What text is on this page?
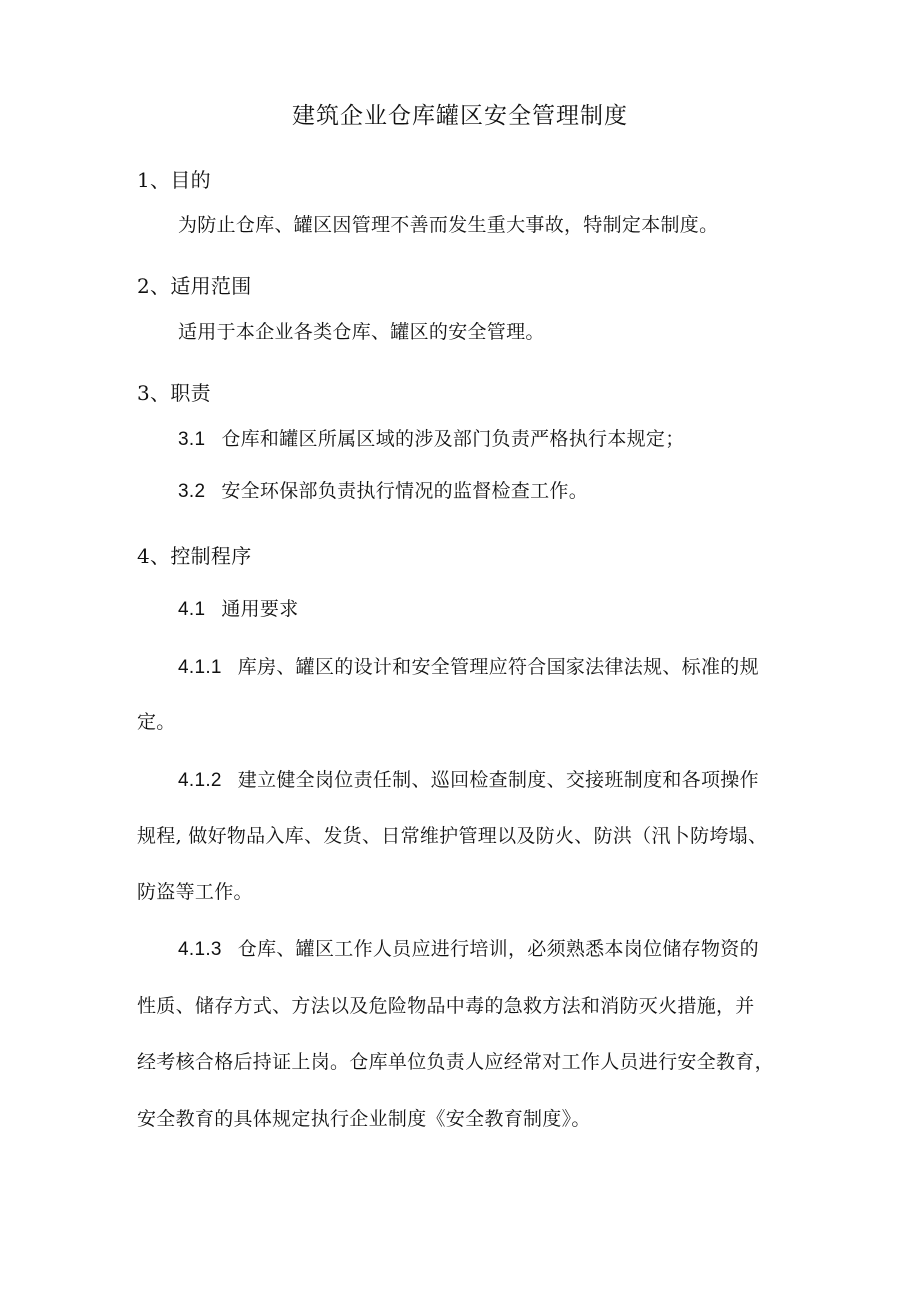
建筑企业仓库罐区安全管理制度
1、目的
为防止仓库、罐区因管理不善而发生重大事故，特制定本制度。
2、适用范围
适用于本企业各类仓库、罐区的安全管理。
3、职责
3.1 仓库和罐区所属区域的涉及部门负责严格执行本规定；
3.2 安全环保部负责执行情况的监督检查工作。
4、控制程序
4.1 通用要求
4.1.1 库房、罐区的设计和安全管理应符合国家法律法规、标准的规
定。
4.1.2 建立健全岗位责任制、巡回检查制度、交接班制度和各项操作
规程, 做好物品入库、发货、日常维护管理以及防火、防洪（汛卜防垮塌、
防盗等工作。
4.1.3 仓库、罐区工作人员应进行培训，必须熟悉本岗位储存物资的
性质、储存方式、方法以及危险物品中毒的急救方法和消防灭火措施，并
经考核合格后持证上岗。仓库单位负责人应经常对工作人员进行安全教育，
安全教育的具体规定执行企业制度《安全教育制度》。
